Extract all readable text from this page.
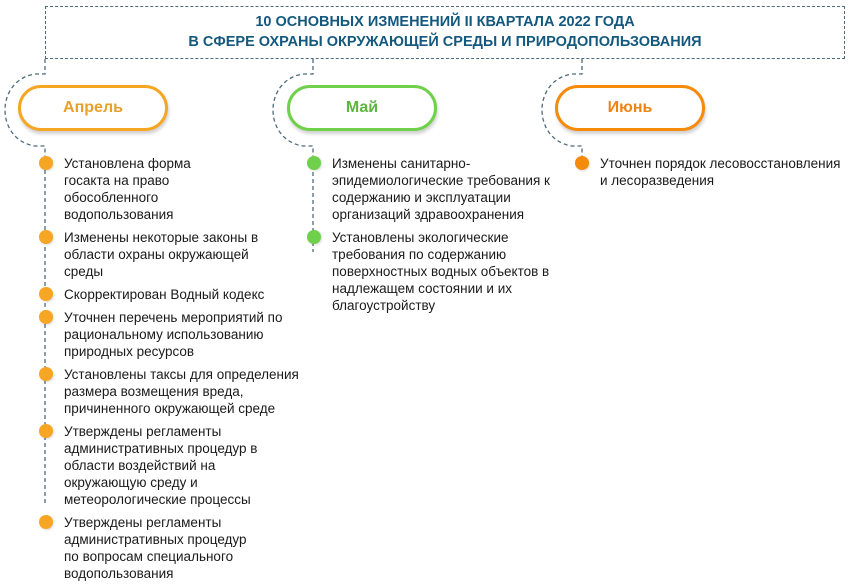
10 ОСНОВНЫХ ИЗМЕНЕНИЙ II КВАРТАЛА 2022 ГОДА
В СФЕРЕ ОХРАНЫ ОКРУЖАЮЩЕЙ СРЕДЫ И ПРИРОДОПОЛЬЗОВАНИЯ
Апрель	Май	Июнь
Установлена форма госакта на право обособленного водопользования
Изменены некоторые законы в области охраны окружающей среды
Скорректирован Водный кодекс
Уточнен перечень мероприятий по рациональному использованию природных ресурсов
Установлены таксы для определения размера возмещения вреда, причиненного окружающей среде
Утверждены регламенты административных процедур в области воздействий на окружающую среду и метеорологические процессы
Утверждены регламенты административных процедур по вопросам специального водопользования
Изменены санитарно-эпидемиологические требования к содержанию и эксплуатации организаций здравоохранения
Установлены экологические требования по содержанию поверхностных водных объектов в надлежащем состоянии и их благоустройству
Уточнен порядок лесовосстановления и лесоразведения
